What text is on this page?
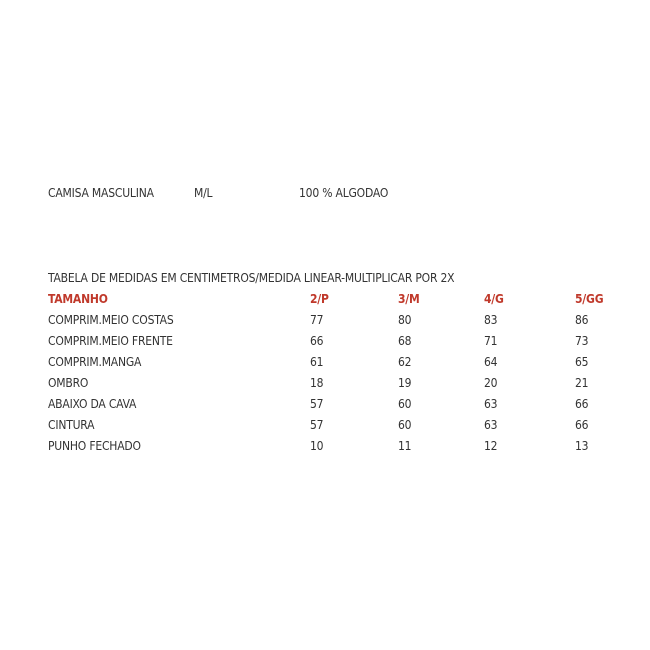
CAMISA MASCULINA	M/L	100 % ALGODAO
TABELA DE MEDIDAS EM CENTIMETROS/MEDIDA LINEAR-MULTIPLICAR POR 2X
TAMANHO	2/P	3/M	4/G	5/GG
COMPRIM.MEIO COSTAS	77	80	83	86
COMPRIM.MEIO FRENTE	66	68	71	73
COMPRIM.MANGA	61	62	64	65
OMBRO	18	19	20	21
ABAIXO DA CAVA	57	60	63	66
CINTURA	57	60	63	66
PUNHO FECHADO	10	11	12	13
